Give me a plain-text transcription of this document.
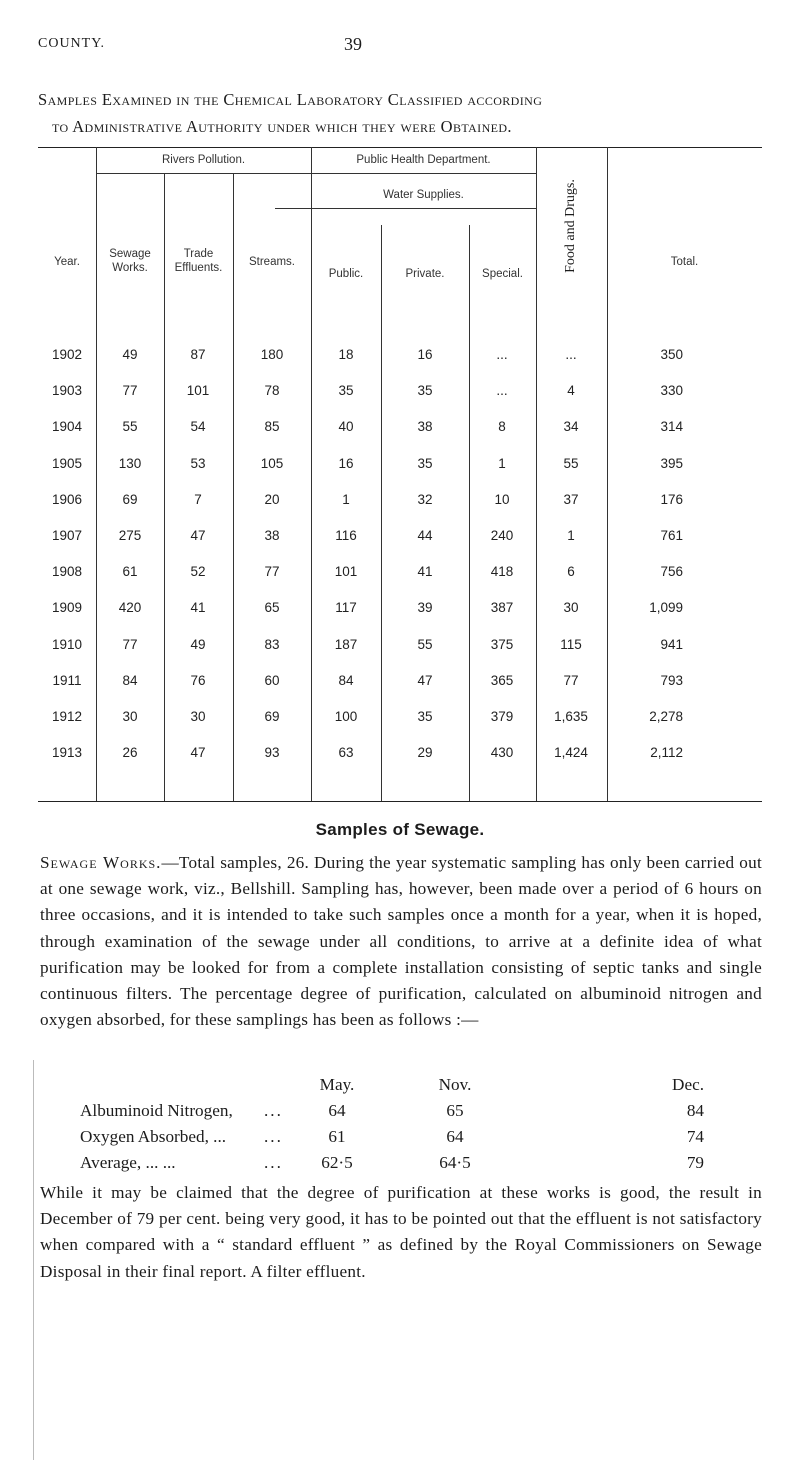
COUNTY.	39
Samples Examined in the Chemical Laboratory Classified according
to Administrative Authority under which they were Obtained.
Year.
Rivers Pollution.	Public Health Department.
Water Supplies.
Sewage Works.
Trade Effluents.	Streams.
Public.	Private.	Special.
Food and Drugs.	Total.
1902	49	87	180	18	16	...	...	350
1903	77	101	78	35	35	...	4	330
1904	55	54	85	40	38	8	34	314
1905	130	53	105	16	35	1	55	395
1906	69	7	20	1	32	10	37	176
1907	275	47	38	116	44	240	1	761
1908	61	52	77	101	41	418	6	756
1909	420	41	65	117	39	387	30	1,099
1910	77	49	83	187	55	375	115	941
1911	84	76	60	84	47	365	77	793
1912	30	30	69	100	35	379	1,635	2,278
1913	26	47	93	63	29	430	1,424	2,112
Samples of Sewage.
Sewage Works.—Total samples, 26. During the year systematic sampling has only been carried out at one sewage work, viz., Bellshill. Sampling has, however, been made over a period of 6 hours on three occasions, and it is intended to take such samples once a month for a year, when it is hoped, through examination of the sewage under all conditions, to arrive at a definite idea of what purification may be looked for from a complete installation consisting of septic tanks and single continuous filters. The percentage degree of purification, calculated on albuminoid nitrogen and oxygen absorbed, for these samplings has been as follows :—
May.	Nov.	Dec.
Albuminoid Nitrogen, ...	64	65	84
Oxygen Absorbed, ... ...	61	64	74
Average, ... ...	...	62·5	64·5	79
While it may be claimed that the degree of purification at these works is good, the result in December of 79 per cent. being very good, it has to be pointed out that the effluent is not satisfactory when compared with a “ standard effluent ” as defined by the Royal Commissioners on Sewage Disposal in their final report. A filter effluent.
